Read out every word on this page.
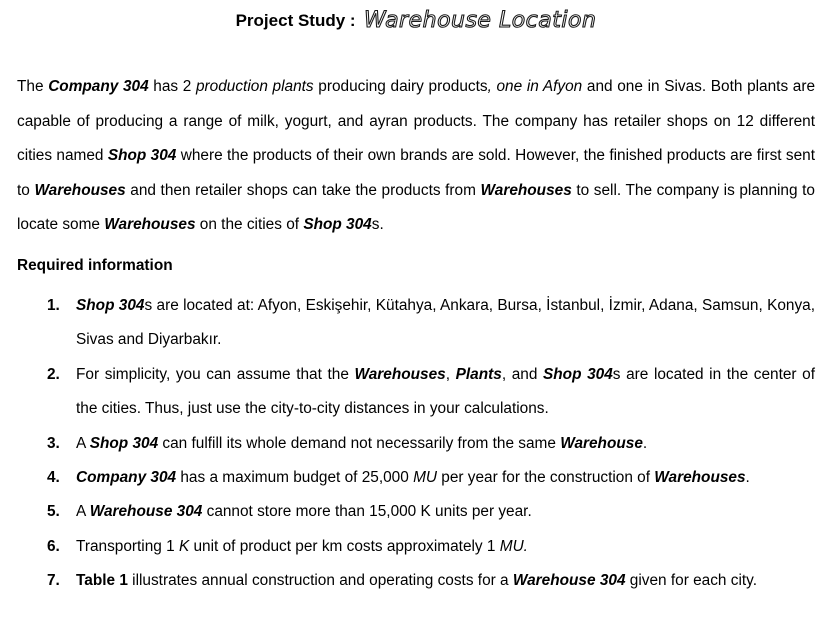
Project Study : Warehouse Location

The Company 304 has 2 production plants producing dairy products, one in Afyon and one in Sivas. Both plants are capable of producing a range of milk, yogurt, and ayran products. The company has retailer shops on 12 different cities named Shop 304 where the products of their own brands are sold. However, the finished products are first sent to Warehouses and then retailer shops can take the products from Warehouses to sell. The company is planning to locate some Warehouses on the cities of Shop 304s.

Required information
1. Shop 304s are located at: Afyon, Eskişehir, Kütahya, Ankara, Bursa, İstanbul, İzmir, Adana, Samsun, Konya, Sivas and Diyarbakır.
2. For simplicity, you can assume that the Warehouses, Plants, and Shop 304s are located in the center of the cities. Thus, just use the city-to-city distances in your calculations.
3. A Shop 304 can fulfill its whole demand not necessarily from the same Warehouse.
4. Company 304 has a maximum budget of 25,000 MU per year for the construction of Warehouses.
5. A Warehouse 304 cannot store more than 15,000 K units per year.
6. Transporting 1 K unit of product per km costs approximately 1 MU.
7. Table 1 illustrates annual construction and operating costs for a Warehouse 304 given for each city.
